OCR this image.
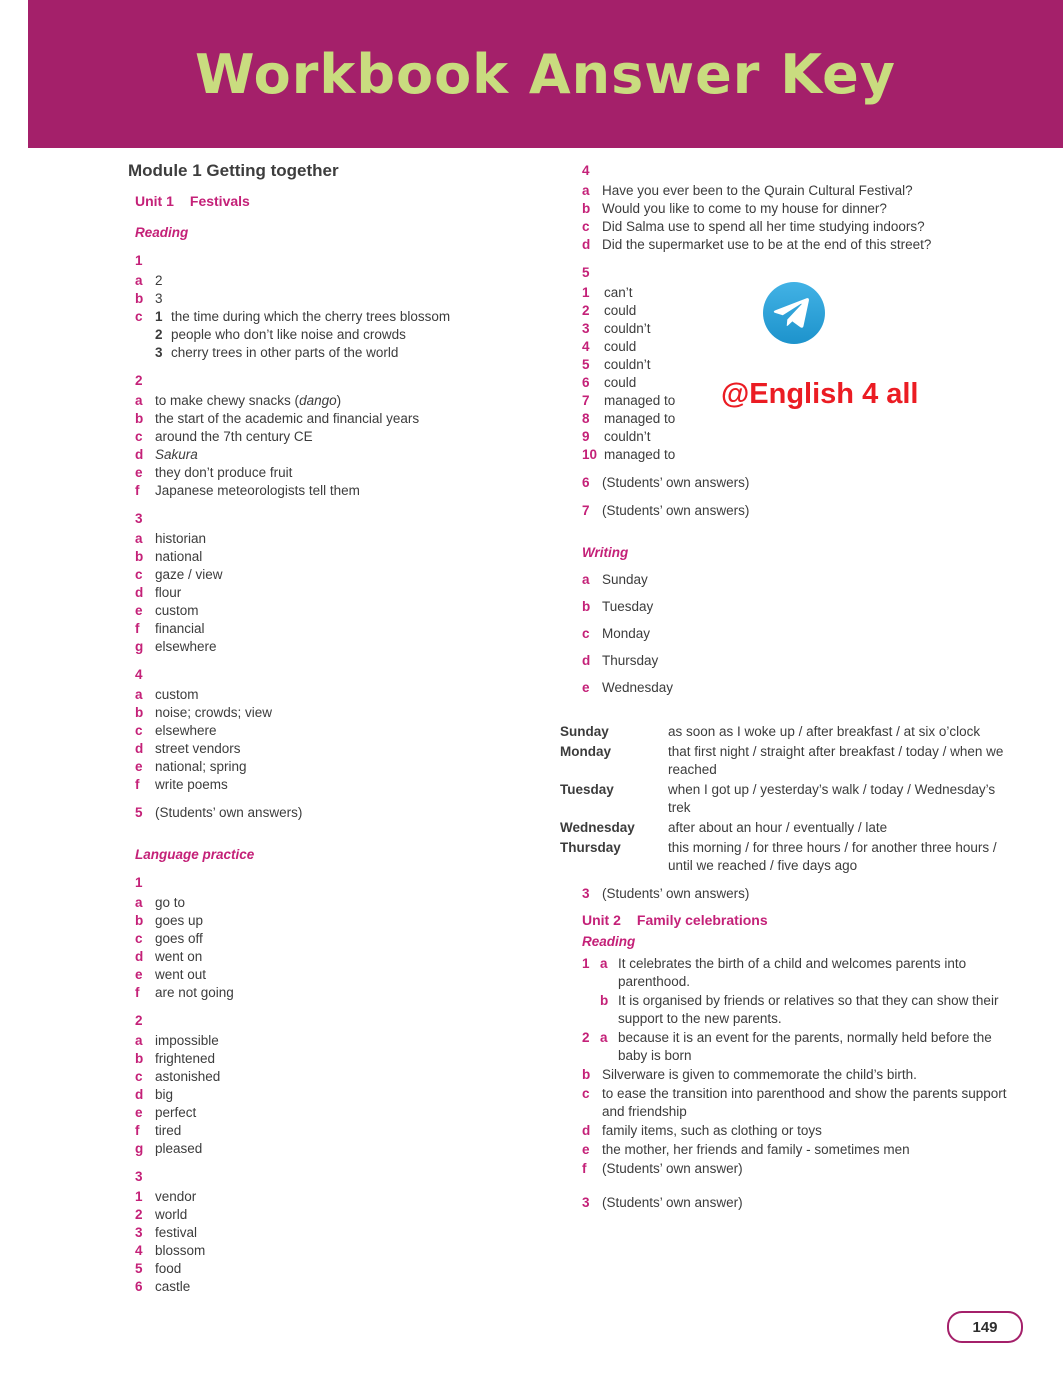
Workbook Answer Key
Module 1 Getting together
Unit 1 Festivals
Reading
1
a 2
b 3
c 1 the time during which the cherry trees blossom
2 people who don’t like noise and crowds
3 cherry trees in other parts of the world
2
a to make chewy snacks (dango)
b the start of the academic and financial years
c around the 7th century CE
d Sakura
e they don’t produce fruit
f	Japanese meteorologists tell them
3
a historian
b national
c gaze / view
d flour
e custom
f	financial
g elsewhere
4
a custom
b noise; crowds; view
c elsewhere
d street vendors
e national; spring
f	write poems
5 (Students’ own answers)
Language practice
1
a go to
b goes up
c goes off
d went on
e went out
f	are not going
2
a impossible
b frightened
c astonished
d big
e perfect
f	tired
g pleased
3
1 vendor
2 world
3 festival
4 blossom
5 food
6 castle
4
a Have you ever been to the Qurain Cultural Festival?
b Would you like to come to my house for dinner?
c Did Salma use to spend all her time studying indoors?
d Did the supermarket use to be at the end of this street?
5
1	can’t
2	could
3	couldn’t
4	could
5	couldn’t
6	could
7	managed to
8	managed to
9	couldn’t
10 managed to
6 (Students’ own answers)
7 (Students’ own answers)
Writing
a Sunday
b Tuesday
c Monday
d Thursday
e Wednesday
Sunday	as soon as I woke up / after breakfast / at six o’clock
Monday	that first night / straight after breakfast / today / when we reached
Tuesday	when I got up / yesterday’s walk / today / Wednesday’s trek
Wednesday	after about an hour / eventually / late
Thursday	this morning / for three hours / for another three hours / until we reached / five days ago
3 (Students’ own answers)
Unit 2 Family celebrations
Reading
1 a It celebrates the birth of a child and welcomes parents into parenthood.
b It is organised by friends or relatives so that they can show their support to the new parents.
2 a because it is an event for the parents, normally held before the baby is born
b Silverware is given to commemorate the child’s birth.
c to ease the transition into parenthood and show the parents support and friendship
d family items, such as clothing or toys
e the mother, her friends and family - sometimes men
f	(Students’ own answer)
3 (Students’ own answer)
@English 4 all
149
